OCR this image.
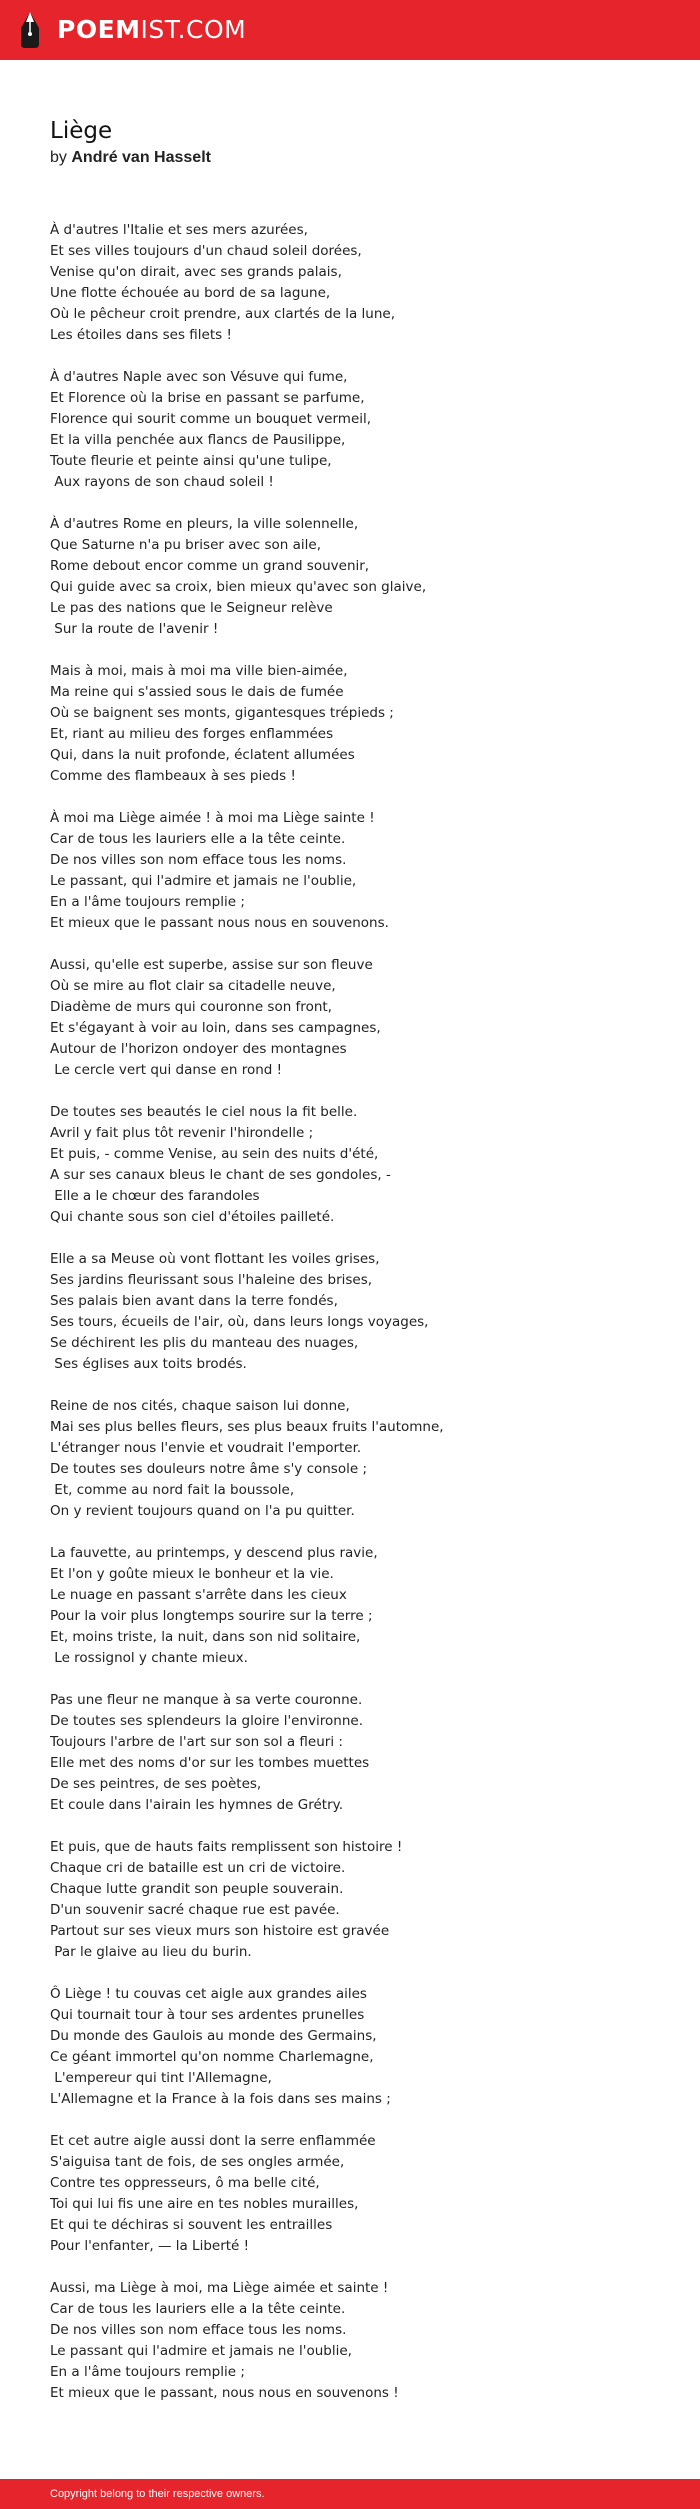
POEMIST.COM
Liège
by André van Hasselt
À d'autres l'Italie et ses mers azurées,
Et ses villes toujours d'un chaud soleil dorées,
Venise qu'on dirait, avec ses grands palais,
Une flotte échouée au bord de sa lagune,
Où le pêcheur croit prendre, aux clartés de la lune,
Les étoiles dans ses filets !
À d'autres Naple avec son Vésuve qui fume,
Et Florence où la brise en passant se parfume,
Florence qui sourit comme un bouquet vermeil,
Et la villa penchée aux flancs de Pausilippe,
Toute fleurie et peinte ainsi qu'une tulipe,
Aux rayons de son chaud soleil !
À d'autres Rome en pleurs, la ville solennelle,
Que Saturne n'a pu briser avec son aile,
Rome debout encor comme un grand souvenir,
Qui guide avec sa croix, bien mieux qu'avec son glaive,
Le pas des nations que le Seigneur relève
Sur la route de l'avenir !
Mais à moi, mais à moi ma ville bien-aimée,
Ma reine qui s'assied sous le dais de fumée
Où se baignent ses monts, gigantesques trépieds ;
Et, riant au milieu des forges enflammées
Qui, dans la nuit profonde, éclatent allumées
Comme des flambeaux à ses pieds !
À moi ma Liège aimée ! à moi ma Liège sainte !
Car de tous les lauriers elle a la tête ceinte.
De nos villes son nom efface tous les noms.
Le passant, qui l'admire et jamais ne l'oublie,
En a l'âme toujours remplie ;
Et mieux que le passant nous nous en souvenons.
Aussi, qu'elle est superbe, assise sur son fleuve
Où se mire au flot clair sa citadelle neuve,
Diadème de murs qui couronne son front,
Et s'égayant à voir au loin, dans ses campagnes,
Autour de l'horizon ondoyer des montagnes
Le cercle vert qui danse en rond !
De toutes ses beautés le ciel nous la fit belle.
Avril y fait plus tôt revenir l'hirondelle ;
Et puis, - comme Venise, au sein des nuits d'été,
A sur ses canaux bleus le chant de ses gondoles, -
Elle a le chœur des farandoles
Qui chante sous son ciel d'étoiles pailleté.
Elle a sa Meuse où vont flottant les voiles grises,
Ses jardins fleurissant sous l'haleine des brises,
Ses palais bien avant dans la terre fondés,
Ses tours, écueils de l'air, où, dans leurs longs voyages,
Se déchirent les plis du manteau des nuages,
Ses églises aux toits brodés.
Reine de nos cités, chaque saison lui donne,
Mai ses plus belles fleurs, ses plus beaux fruits l'automne,
L'étranger nous l'envie et voudrait l'emporter.
De toutes ses douleurs notre âme s'y console ;
Et, comme au nord fait la boussole,
On y revient toujours quand on l'a pu quitter.
La fauvette, au printemps, y descend plus ravie,
Et l'on y goûte mieux le bonheur et la vie.
Le nuage en passant s'arrête dans les cieux
Pour la voir plus longtemps sourire sur la terre ;
Et, moins triste, la nuit, dans son nid solitaire,
Le rossignol y chante mieux.
Pas une fleur ne manque à sa verte couronne.
De toutes ses splendeurs la gloire l'environne.
Toujours l'arbre de l'art sur son sol a fleuri :
Elle met des noms d'or sur les tombes muettes
De ses peintres, de ses poètes,
Et coule dans l'airain les hymnes de Grétry.
Et puis, que de hauts faits remplissent son histoire !
Chaque cri de bataille est un cri de victoire.
Chaque lutte grandit son peuple souverain.
D'un souvenir sacré chaque rue est pavée.
Partout sur ses vieux murs son histoire est gravée
Par le glaive au lieu du burin.
Ô Liège ! tu couvas cet aigle aux grandes ailes
Qui tournait tour à tour ses ardentes prunelles
Du monde des Gaulois au monde des Germains,
Ce géant immortel qu'on nomme Charlemagne,
L'empereur qui tint l'Allemagne,
L'Allemagne et la France à la fois dans ses mains ;
Et cet autre aigle aussi dont la serre enflammée
S'aiguisa tant de fois, de ses ongles armée,
Contre tes oppresseurs, ô ma belle cité,
Toi qui lui fis une aire en tes nobles murailles,
Et qui te déchiras si souvent les entrailles
Pour l'enfanter, — la Liberté !
Aussi, ma Liège à moi, ma Liège aimée et sainte !
Car de tous les lauriers elle a la tête ceinte.
De nos villes son nom efface tous les noms.
Le passant qui l'admire et jamais ne l'oublie,
En a l'âme toujours remplie ;
Et mieux que le passant, nous nous en souvenons !
Copyright belong to their respective owners.
